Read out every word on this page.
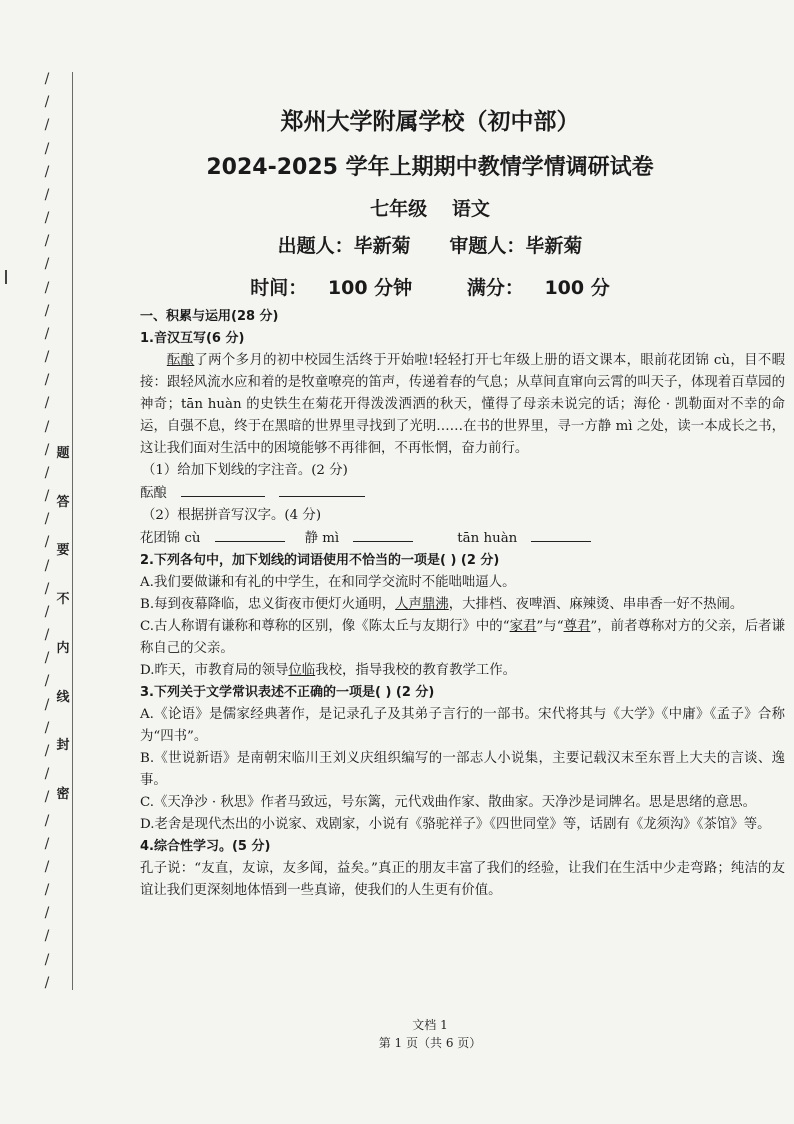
/
/
/
/
/
/
/
/
/
/
/
/
/
/
/
/
/
/
/
/
/
/
/
/
/
/
/
/
/
/
/
/
/
/
/
/
/
/
/
/
题
答
要
不
内
线
封
密
郑州大学附属学校（初中部）
2024-2025 学年上期期中教情学情调研试卷
七年级 语文
出题人：毕新菊 审题人：毕新菊
时间： 100 分钟	满分： 100 分

一、积累与运用(28 分)

1.音汉互写(6 分)

酝酿了两个多月的初中校园生活终于开始啦!轻轻打开七年级上册的语文课本，眼前花团锦 cù，目不暇接：跟轻风流水应和着的是牧童嘹亮的笛声，传递着春的气息；从草间直窜向云霄的叫天子，体现着百草园的神奇；tān huàn 的史铁生在菊花开得泼泼洒洒的秋天，懂得了母亲未说完的话；海伦 · 凯勒面对不幸的命运，自强不息，终于在黑暗的世界里寻找到了光明……在书的世界里，寻一方静 mì 之处，读一本成长之书，这让我们面对生活中的困境能够不再徘徊，不再怅惘，奋力前行。

（1）给加下划线的字注音。(2 分)

酝酿

（2）根据拼音写汉字。(4 分)

花团锦 cù	静 mì	tān huàn

2.下列各句中，加下划线的词语使用不恰当的一项是( ) (2 分)

A.我们要做谦和有礼的中学生，在和同学交流时不能咄咄逼人。

B.每到夜幕降临，忠义街夜市便灯火通明，人声鼎沸，大排档、夜啤酒、麻辣烫、串串香一好不热闹。

C.古人称谓有谦称和尊称的区别，像《陈太丘与友期行》中的“家君”与“尊君”，前者尊称对方的父亲，后者谦称自己的父亲。

D.昨天，市教育局的领导位临我校，指导我校的教育教学工作。

3.下列关于文学常识表述不正确的一项是( ) (2 分)

A.《论语》是儒家经典著作，是记录孔子及其弟子言行的一部书。宋代将其与《大学》《中庸》《孟子》合称为“四书”。

B.《世说新语》是南朝宋临川王刘义庆组织编写的一部志人小说集，主要记载汉末至东晋上大夫的言谈、逸事。

C.《天净沙 · 秋思》作者马致远，号东篱，元代戏曲作家、散曲家。天净沙是词牌名。思是思绪的意思。

D.老舍是现代杰出的小说家、戏剧家，小说有《骆驼祥子》《四世同堂》等，话剧有《龙须沟》《茶馆》等。

4.综合性学习。(5 分)

孔子说：“友直，友谅，友多闻，益矣。”真正的朋友丰富了我们的经验，让我们在生活中少走弯路；纯洁的友谊让我们更深刻地体悟到一些真谛，使我们的人生更有价值。

文档 1
第 1 页（共 6 页）
